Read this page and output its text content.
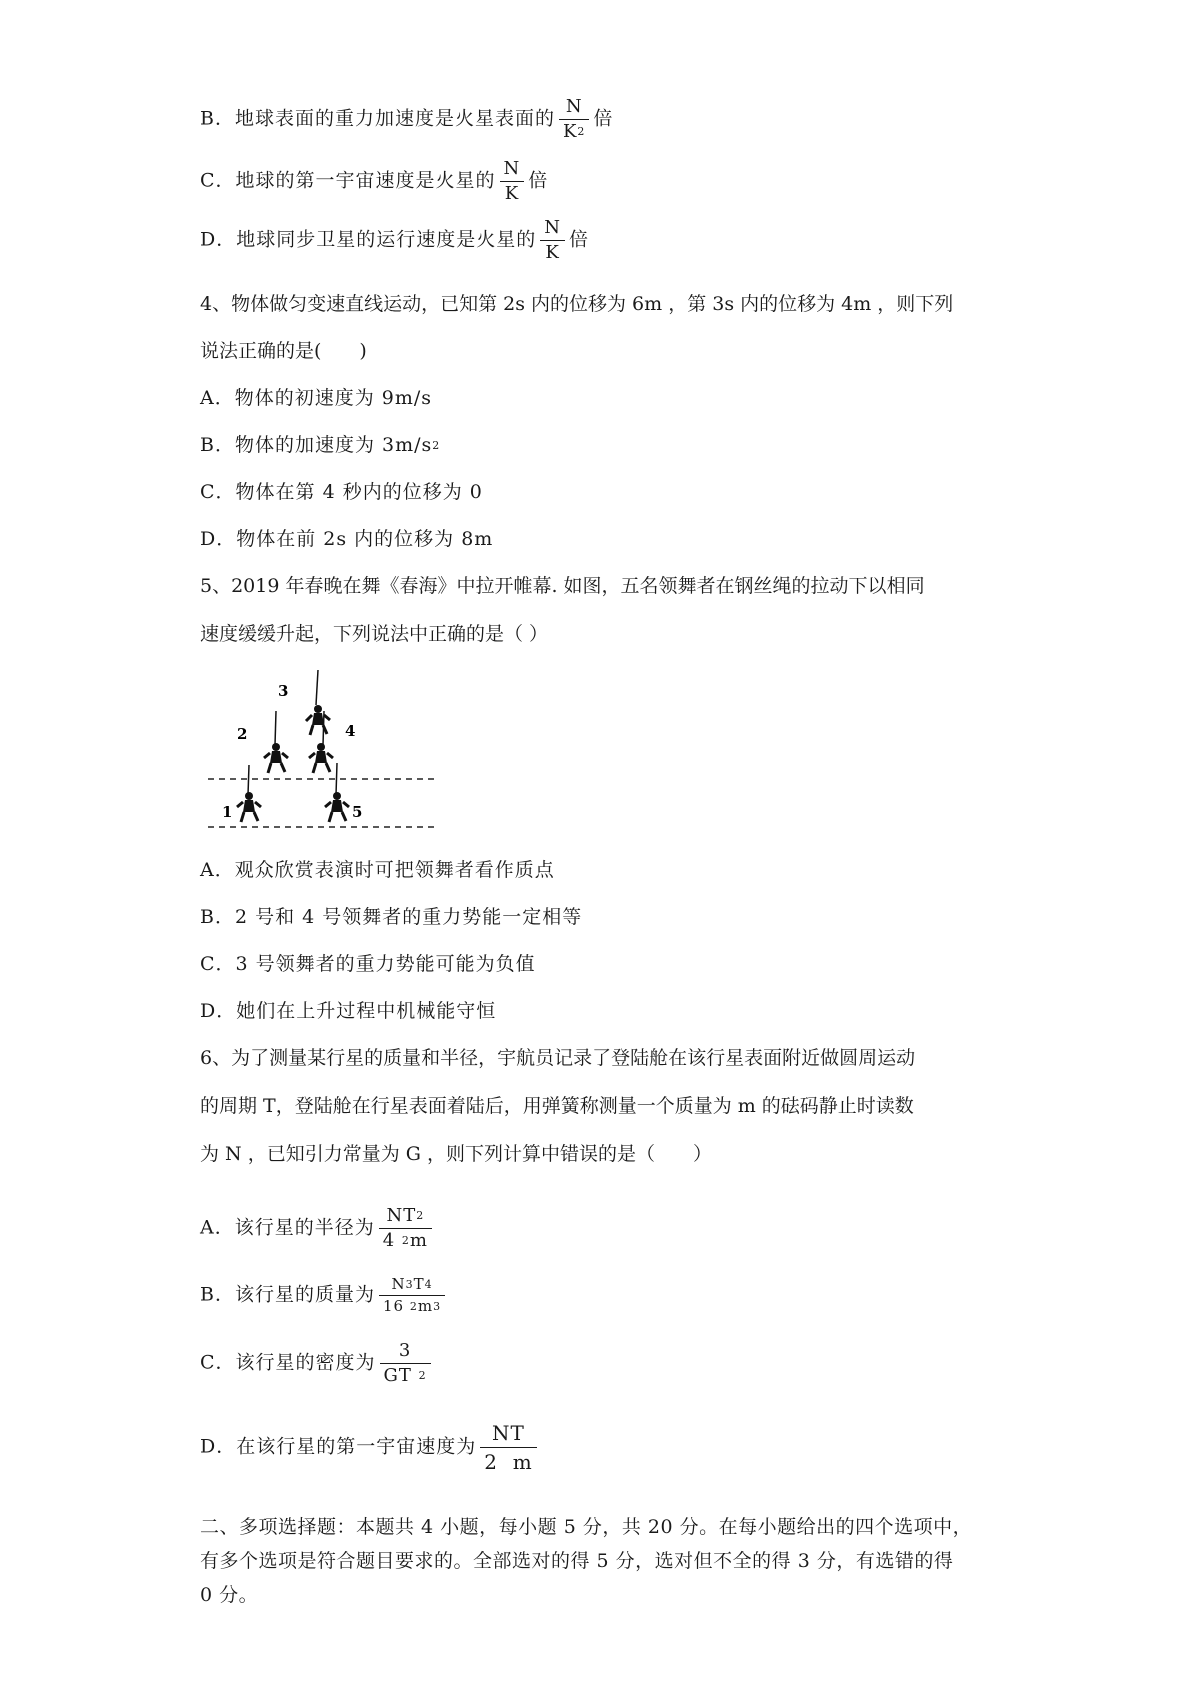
B．地球表面的重力加速度是火星表面的 $\frac{N}{K2}$ 倍
C．地球的第一宇宙速度是火星的 $\frac{N}{K}$ 倍
D．地球同步卫星的运行速度是火星的 $\frac{N}{K}$ 倍
4、物体做匀变速直线运动，已知第 2s 内的位移为 6m ，第 3s 内的位移为 4m ，则下列
说法正确的是(　　)
A．物体的初速度为 9m/s
B．物体的加速度为 3m/s2
C．物体在第 4 秒内的位移为 0
D．物体在前 2s 内的位移为 8m
5、2019 年春晚在舞《春海》中拉开帷幕. 如图，五名领舞者在钢丝绳的拉动下以相同
速度缓缓升起，下列说法中正确的是（ ）
3
2	4
1	5
A．观众欣赏表演时可把领舞者看作质点
B．2 号和 4 号领舞者的重力势能一定相等
C．3 号领舞者的重力势能可能为负值
D．她们在上升过程中机械能守恒
6、为了测量某行星的质量和半径，宇航员记录了登陆舱在该行星表面附近做圆周运动
的周期 T，登陆舱在行星表面着陆后，用弹簧称测量一个质量为 m 的砝码静止时读数
为 N ，已知引力常量为 G ，则下列计算中错误的是（　　）
A．该行星的半径为 $\frac{NT2}{4 2m}$
B．该行星的质量为 $\frac{N3T4}{16 2m3}$
C．该行星的密度为 $\frac{3}{GT 2}$
D．在该行星的第一宇宙速度为 $\frac{NT}{2 m}$
二、多项选择题：本题共 4 小题，每小题 5 分，共 20 分。在每小题给出的四个选项中，
有多个选项是符合题目要求的。全部选对的得 5 分，选对但不全的得 3 分，有选错的得
0 分。
